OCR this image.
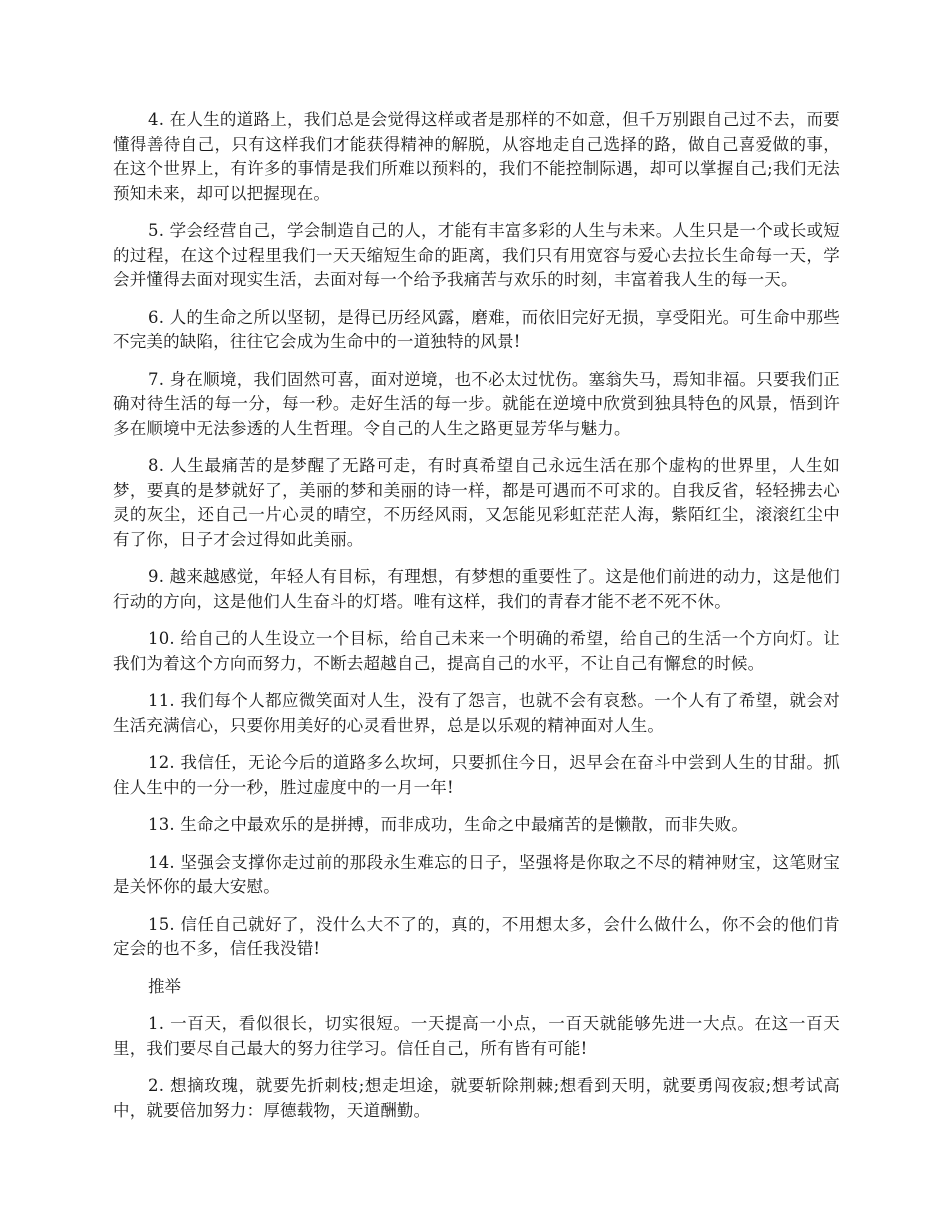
4. 在人生的道路上，我们总是会觉得这样或者是那样的不如意，但千万别跟自己过不去，而要懂得善待自己，只有这样我们才能获得精神的解脱，从容地走自己选择的路，做自己喜爱做的事，在这个世界上，有许多的事情是我们所难以预料的，我们不能控制际遇，却可以掌握自己;我们无法预知未来，却可以把握现在。

5. 学会经营自己，学会制造自己的人，才能有丰富多彩的人生与未来。人生只是一个或长或短的过程，在这个过程里我们一天天缩短生命的距离，我们只有用宽容与爱心去拉长生命每一天，学会并懂得去面对现实生活，去面对每一个给予我痛苦与欢乐的时刻，丰富着我人生的每一天。

6. 人的生命之所以坚韧，是得已历经风露，磨难，而依旧完好无损，享受阳光。可生命中那些不完美的缺陷，往往它会成为生命中的一道独特的风景!

7. 身在顺境，我们固然可喜，面对逆境，也不必太过忧伤。塞翁失马，焉知非福。只要我们正确对待生活的每一分，每一秒。走好生活的每一步。就能在逆境中欣赏到独具特色的风景，悟到许多在顺境中无法参透的人生哲理。令自己的人生之路更显芳华与魅力。

8. 人生最痛苦的是梦醒了无路可走，有时真希望自己永远生活在那个虚构的世界里，人生如梦，要真的是梦就好了，美丽的梦和美丽的诗一样，都是可遇而不可求的。自我反省，轻轻拂去心灵的灰尘，还自己一片心灵的晴空，不历经风雨，又怎能见彩虹茫茫人海，紫陌红尘，滚滚红尘中有了你，日子才会过得如此美丽。

9. 越来越感觉，年轻人有目标，有理想，有梦想的重要性了。这是他们前进的动力，这是他们行动的方向，这是他们人生奋斗的灯塔。唯有这样，我们的青春才能不老不死不休。

10. 给自己的人生设立一个目标，给自己未来一个明确的希望，给自己的生活一个方向灯。让我们为着这个方向而努力，不断去超越自己，提高自己的水平，不让自己有懈怠的时候。

11. 我们每个人都应微笑面对人生，没有了怨言，也就不会有哀愁。一个人有了希望，就会对生活充满信心，只要你用美好的心灵看世界，总是以乐观的精神面对人生。

12. 我信任，无论今后的道路多么坎坷，只要抓住今日，迟早会在奋斗中尝到人生的甘甜。抓住人生中的一分一秒，胜过虚度中的一月一年!

13. 生命之中最欢乐的是拼搏，而非成功，生命之中最痛苦的是懒散，而非失败。

14. 坚强会支撑你走过前的那段永生难忘的日子，坚强将是你取之不尽的精神财宝，这笔财宝是关怀你的最大安慰。

15. 信任自己就好了，没什么大不了的，真的，不用想太多，会什么做什么，你不会的他们肯定会的也不多，信任我没错!

推举

1. 一百天，看似很长，切实很短。一天提高一小点，一百天就能够先进一大点。在这一百天里，我们要尽自己最大的努力往学习。信任自己，所有皆有可能!

2. 想摘玫瑰，就要先折刺枝;想走坦途，就要斩除荆棘;想看到天明，就要勇闯夜寂;想考试高中，就要倍加努力：厚德载物，天道酬勤。
